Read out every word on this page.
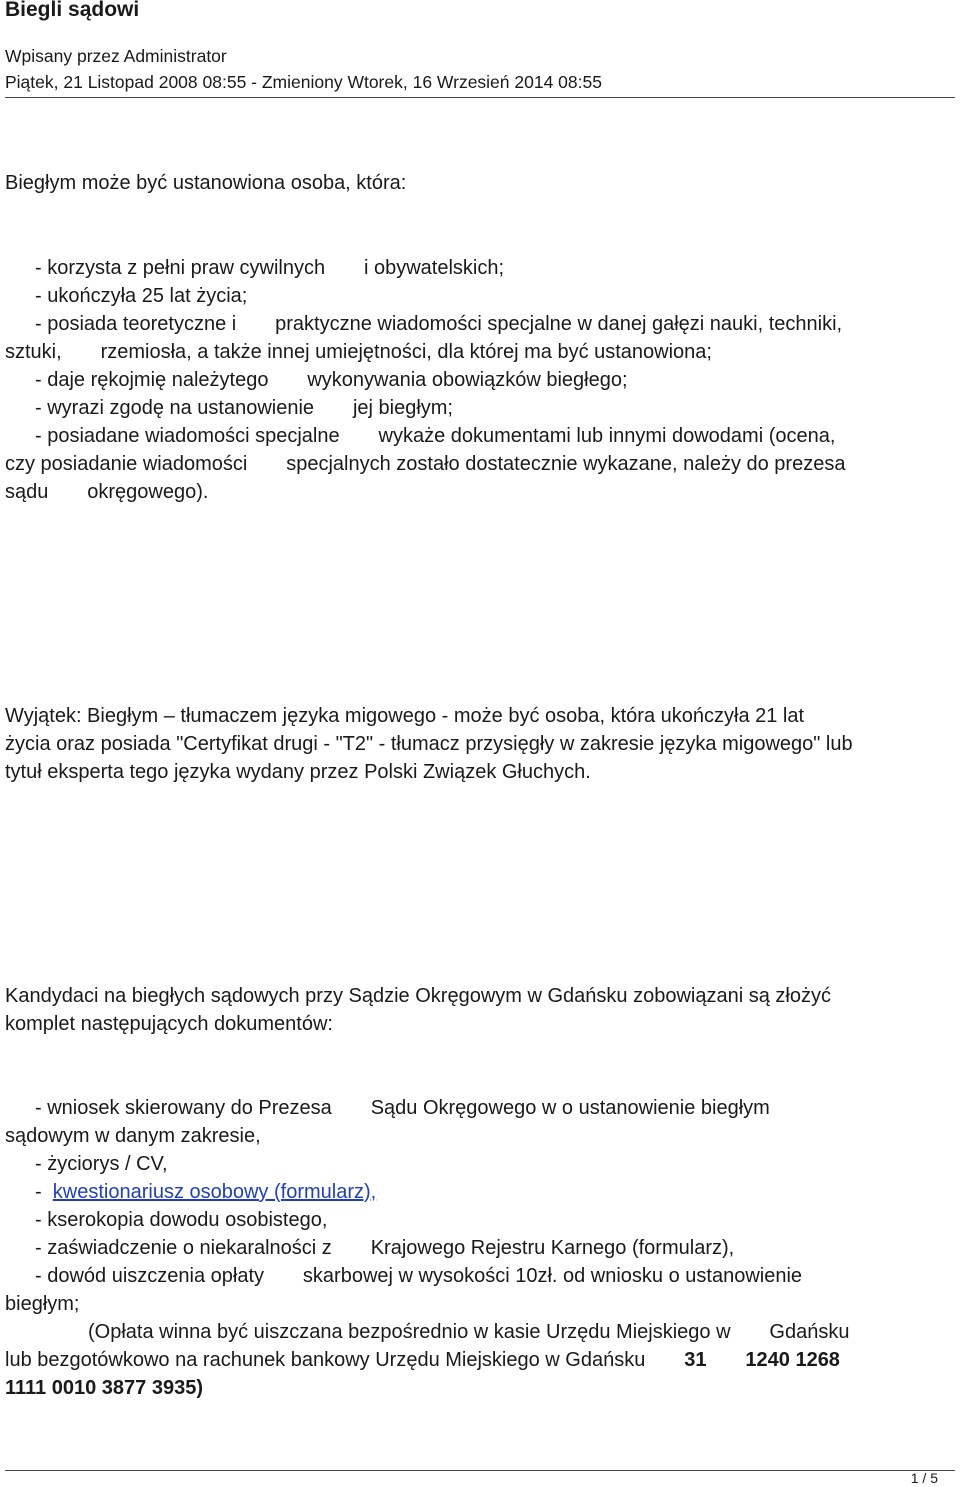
Biegli sądowi
Wpisany przez Administrator
Piątek, 21 Listopad 2008 08:55 - Zmieniony Wtorek, 16 Wrzesień 2014 08:55
Biegłym może być ustanowiona osoba, która:
- korzysta z pełni praw cywilnych       i obywatelskich;
- ukończyła 25 lat życia;
- posiada teoretyczne i       praktyczne wiadomości specjalne w danej gałęzi nauki, techniki,
sztuki,       rzemiosła, a także innej umiejętności, dla której ma być ustanowiona;
- daje rękojmię należytego       wykonywania obowiązków biegłego;
- wyrazi zgodę na ustanowienie       jej biegłym;
- posiadane wiadomości specjalne       wykaże dokumentami lub innymi dowodami (ocena,
czy posiadanie wiadomości       specjalnych zostało dostatecznie wykazane, należy do prezesa
sądu       okręgowego).
Wyjątek: Biegłym – tłumaczem języka migowego - może być osoba, która ukończyła 21 lat
życia oraz posiada "Certyfikat drugi - "T2" - tłumacz przysięgły w zakresie języka migowego" lub
tytuł eksperta tego języka wydany przez Polski Związek Głuchych.
Kandydaci na biegłych sądowych przy Sądzie Okręgowym w Gdańsku zobowiązani są złożyć
komplet następujących dokumentów:
- wniosek skierowany do Prezesa       Sądu Okręgowego w o ustanowienie biegłym
sądowym w danym zakresie,
- życiorys / CV,
-  kwestionariusz osobowy (formularz),
- kserokopia dowodu osobistego,
- zaświadczenie o niekaralności z       Krajowego Rejestru Karnego (formularz),
- dowód uiszczenia opłaty       skarbowej w wysokości 10zł. od wniosku o ustanowienie
biegłym;
(Opłata winna być uiszczana bezpośrednio w kasie Urzędu Miejskiego w       Gdańsku
lub bezgotówkowo na rachunek bankowy Urzędu Miejskiego w Gdańsku       31       1240 1268
1111 0010 3877 3935)
1 / 5
